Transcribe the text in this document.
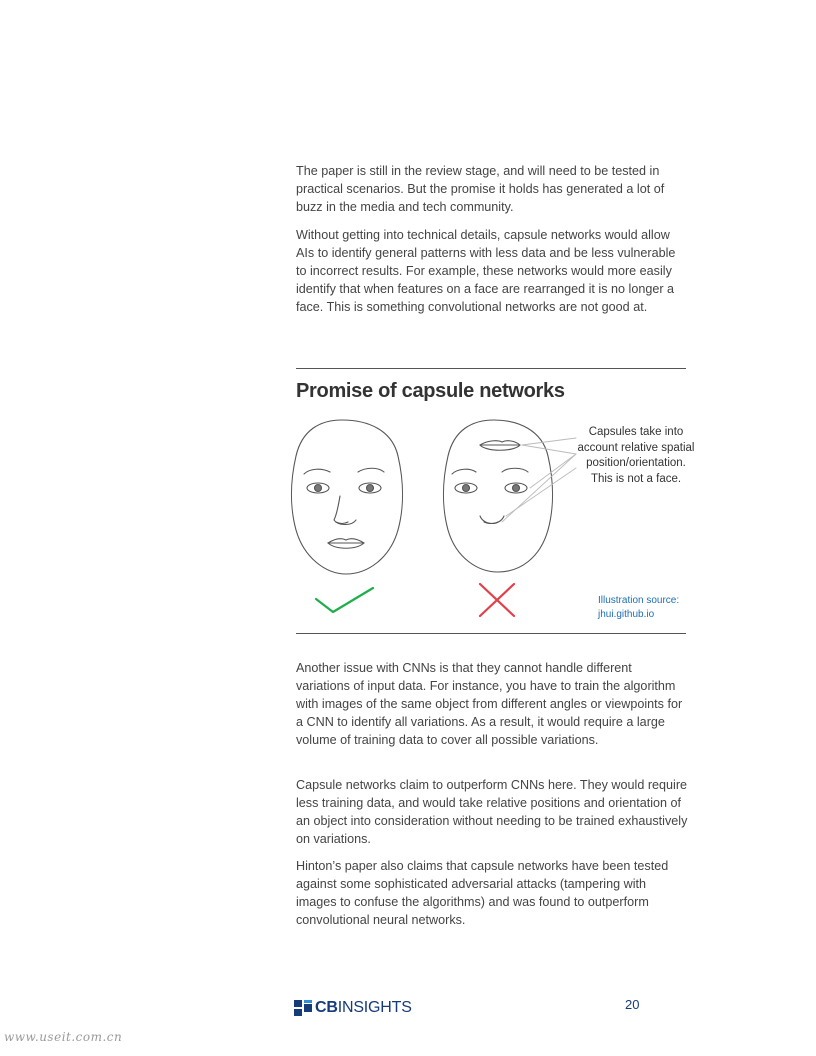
The paper is still in the review stage, and will need to be tested in practical scenarios. But the promise it holds has generated a lot of buzz in the media and tech community.

Without getting into technical details, capsule networks would allow AIs to identify general patterns with less data and be less vulnerable to incorrect results. For example, these networks would more easily identify that when features on a face are rearranged it is no longer a face. This is something convolutional networks are not good at.

Promise of capsule networks
Capsules take into
account relative spatial
position/orientation.
This is not a face.
Illustration source:
jhui.github.io

Another issue with CNNs is that they cannot handle different variations of input data. For instance, you have to train the algorithm with images of the same object from different angles or viewpoints for a CNN to identify all variations. As a result, it would require a large volume of training data to cover all possible variations.

Capsule networks claim to outperform CNNs here. They would require less training data, and would take relative positions and orientation of an object into consideration without needing to be trained exhaustively on variations.

Hinton’s paper also claims that capsule networks have been tested against some sophisticated adversarial attacks (tampering with images to confuse the algorithms) and was found to outperform convolutional neural networks.

CBINSIGHTS	20
www.useit.com.cn
